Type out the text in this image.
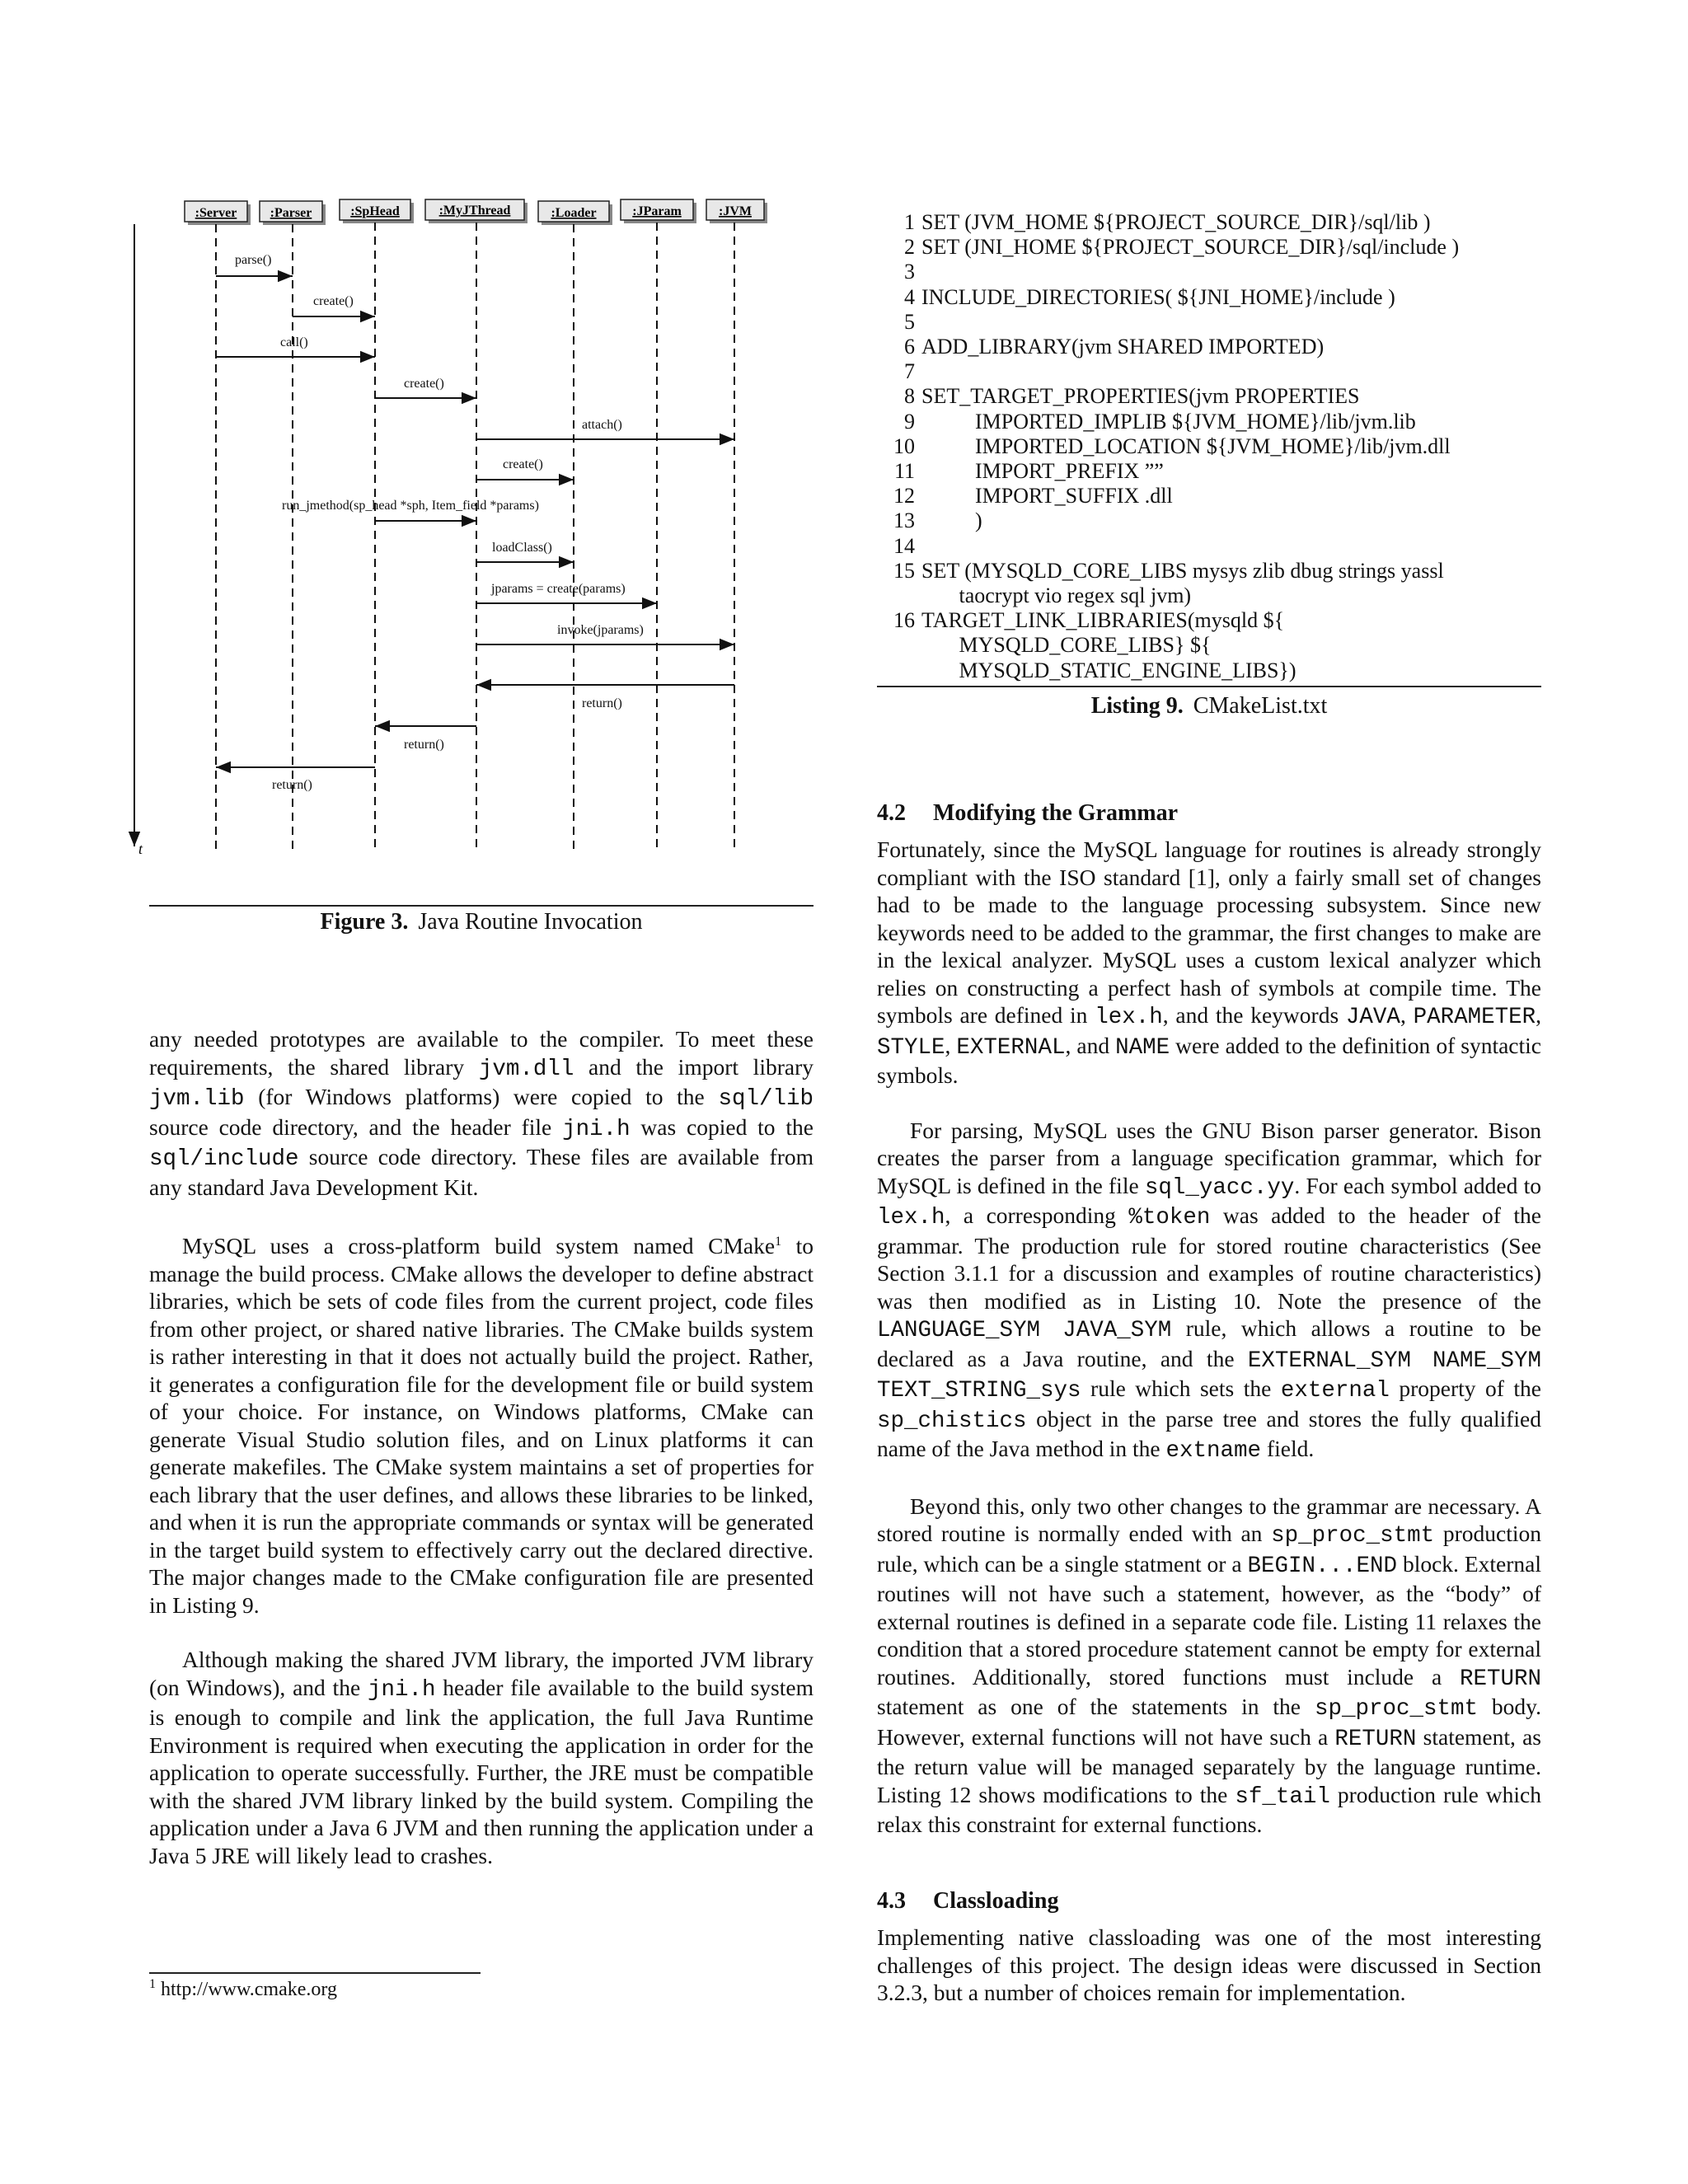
t
:Server	:Parser	:SpHead	:MyJThread	:Loader	:JParam	:JVM
parse()
create()
call()
create()
attach()
create()
run_jmethod(sp_head *sph, Item_field *params)
loadClass()
jparams = create(params)
invoke(jparams)
return()
return()
return()
Figure 3. Java Routine Invocation

any needed prototypes are available to the compiler. To meet these requirements, the shared library jvm.dll and the import library jvm.lib (for Windows platforms) were copied to the sql/lib source code directory, and the header file jni.h was copied to the sql/include source code directory. These files are available from any standard Java Development Kit.

MySQL uses a cross-platform build system named CMake$^1$ to manage the build process. CMake allows the developer to define abstract libraries, which be sets of code files from the current project, code files from other project, or shared native libraries. The CMake builds system is rather interesting in that it does not actually build the project. Rather, it generates a configuration file for the development file or build system of your choice. For instance, on Windows platforms, CMake can generate Visual Studio solution files, and on Linux platforms it can generate makefiles. The CMake system maintains a set of properties for each library that the user defines, and allows these libraries to be linked, and when it is run the appropriate commands or syntax will be generated in the target build system to effectively carry out the declared directive. The major changes made to the CMake configuration file are presented in Listing 9.

Although making the shared JVM library, the imported JVM library (on Windows), and the jni.h header file available to the build system is enough to compile and link the application, the full Java Runtime Environment is required when executing the application in order for the application to operate successfully. Further, the JRE must be compatible with the shared JVM library linked by the build system. Compiling the application under a Java 6 JVM and then running the application under a Java 5 JRE will likely lead to crashes.

$^1$ http://www.cmake.org
1 SET (JVM_HOME ${PROJECT_SOURCE_DIR}/sql/lib )
2 SET (JNI_HOME ${PROJECT_SOURCE_DIR}/sql/include )
3
4 INCLUDE_DIRECTORIES( ${JNI_HOME}/include )
5
6 ADD_LIBRARY(jvm SHARED IMPORTED)
7
8 SET_TARGET_PROPERTIES(jvm PROPERTIES
9 IMPORTED_IMPLIB ${JVM_HOME}/lib/jvm.lib
10 IMPORTED_LOCATION ${JVM_HOME}/lib/jvm.dll
11 IMPORT_PREFIX ””
12 IMPORT_SUFFIX .dll
13 )
14
15 SET (MYSQLD_CORE_LIBS mysys zlib dbug strings yassl
taocrypt vio regex sql jvm)
16 TARGET_LINK_LIBRARIES(mysqld ${
MYSQLD_CORE_LIBS} ${
MYSQLD_STATIC_ENGINE_LIBS})
Listing 9. CMakeList.txt
4.2 Modifying the Grammar

Fortunately, since the MySQL language for routines is already strongly compliant with the ISO standard [1], only a fairly small set of changes had to be made to the language processing subsystem. Since new keywords need to be added to the grammar, the first changes to make are in the lexical analyzer. MySQL uses a custom lexical analyzer which relies on constructing a perfect hash of symbols at compile time. The symbols are defined in lex.h, and the keywords JAVA, PARAMETER, STYLE, EXTERNAL, and NAME were added to the definition of syntactic symbols.

For parsing, MySQL uses the GNU Bison parser generator. Bison creates the parser from a language specification grammar, which for MySQL is defined in the file sql_yacc.yy. For each symbol added to lex.h, a corresponding %token was added to the header of the grammar. The production rule for stored routine characteristics (See Section 3.1.1 for a discussion and examples of routine characteristics) was then modified as in Listing 10. Note the presence of the LANGUAGE_SYM JAVA_SYM rule, which allows a routine to be declared as a Java routine, and the EXTERNAL_SYM NAME_SYM TEXT_STRING_sys rule which sets the external property of the sp_chistics object in the parse tree and stores the fully qualified name of the Java method in the extname field.

Beyond this, only two other changes to the grammar are necessary. A stored routine is normally ended with an sp_proc_stmt production rule, which can be a single statment or a BEGIN...END block. External routines will not have such a statement, however, as the “body” of external routines is defined in a separate code file. Listing 11 relaxes the condition that a stored procedure statement cannot be empty for external routines. Additionally, stored functions must include a RETURN statement as one of the statements in the sp_proc_stmt body. However, external functions will not have such a RETURN statement, as the return value will be managed separately by the language runtime. Listing 12 shows modifications to the sf_tail production rule which relax this constraint for external functions.

4.3 Classloading

Implementing native classloading was one of the most interesting challenges of this project. The design ideas were discussed in Section 3.2.3, but a number of choices remain for implementation.
